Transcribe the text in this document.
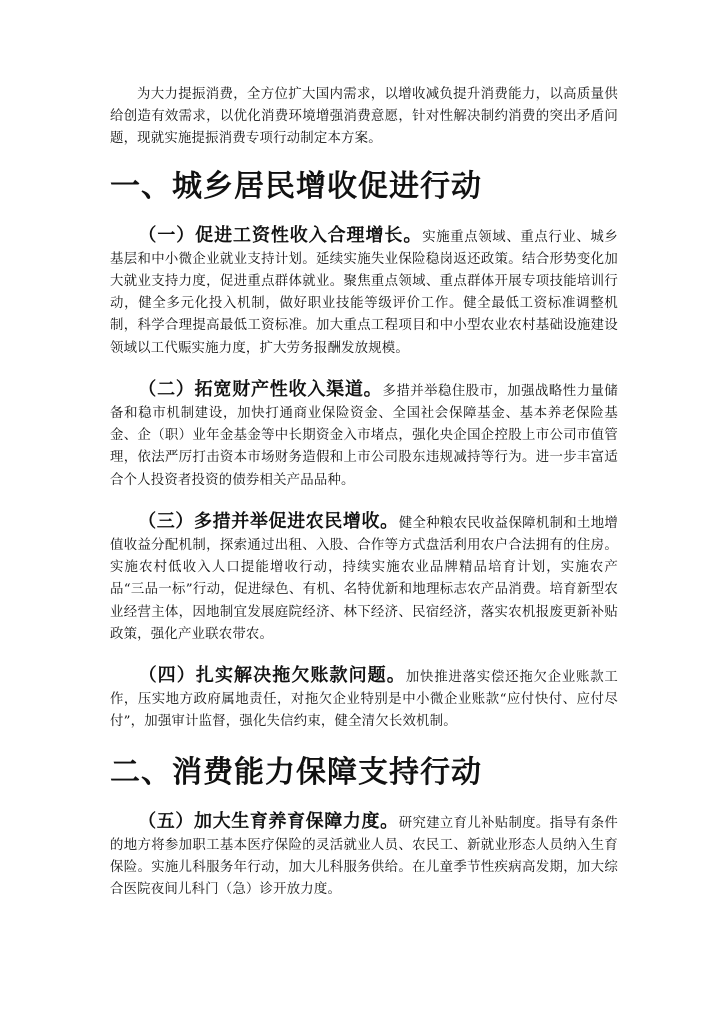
为大力提振消费，全方位扩大国内需求，以增收减负提升消费能力，以高质量供给创造有效需求，以优化消费环境增强消费意愿，针对性解决制约消费的突出矛盾问题，现就实施提振消费专项行动制定本方案。

一、城乡居民增收促进行动

（一）促进工资性收入合理增长。实施重点领域、重点行业、城乡基层和中小微企业就业支持计划。延续实施失业保险稳岗返还政策。结合形势变化加大就业支持力度，促进重点群体就业。聚焦重点领域、重点群体开展专项技能培训行动，健全多元化投入机制，做好职业技能等级评价工作。健全最低工资标准调整机制，科学合理提高最低工资标准。加大重点工程项目和中小型农业农村基础设施建设领域以工代赈实施力度，扩大劳务报酬发放规模。

（二）拓宽财产性收入渠道。多措并举稳住股市，加强战略性力量储备和稳市机制建设，加快打通商业保险资金、全国社会保障基金、基本养老保险基金、企（职）业年金基金等中长期资金入市堵点，强化央企国企控股上市公司市值管理，依法严厉打击资本市场财务造假和上市公司股东违规减持等行为。进一步丰富适合个人投资者投资的债券相关产品品种。

（三）多措并举促进农民增收。健全种粮农民收益保障机制和土地增值收益分配机制，探索通过出租、入股、合作等方式盘活利用农户合法拥有的住房。实施农村低收入人口提能增收行动，持续实施农业品牌精品培育计划，实施农产品“三品一标”行动，促进绿色、有机、名特优新和地理标志农产品消费。培育新型农业经营主体，因地制宜发展庭院经济、林下经济、民宿经济，落实农机报废更新补贴政策，强化产业联农带农。

（四）扎实解决拖欠账款问题。加快推进落实偿还拖欠企业账款工作，压实地方政府属地责任，对拖欠企业特别是中小微企业账款“应付快付、应付尽付”，加强审计监督，强化失信约束，健全清欠长效机制。

二、消费能力保障支持行动

（五）加大生育养育保障力度。研究建立育儿补贴制度。指导有条件的地方将参加职工基本医疗保险的灵活就业人员、农民工、新就业形态人员纳入生育保险。实施儿科服务年行动，加大儿科服务供给。在儿童季节性疾病高发期，加大综合医院夜间儿科门（急）诊开放力度。
